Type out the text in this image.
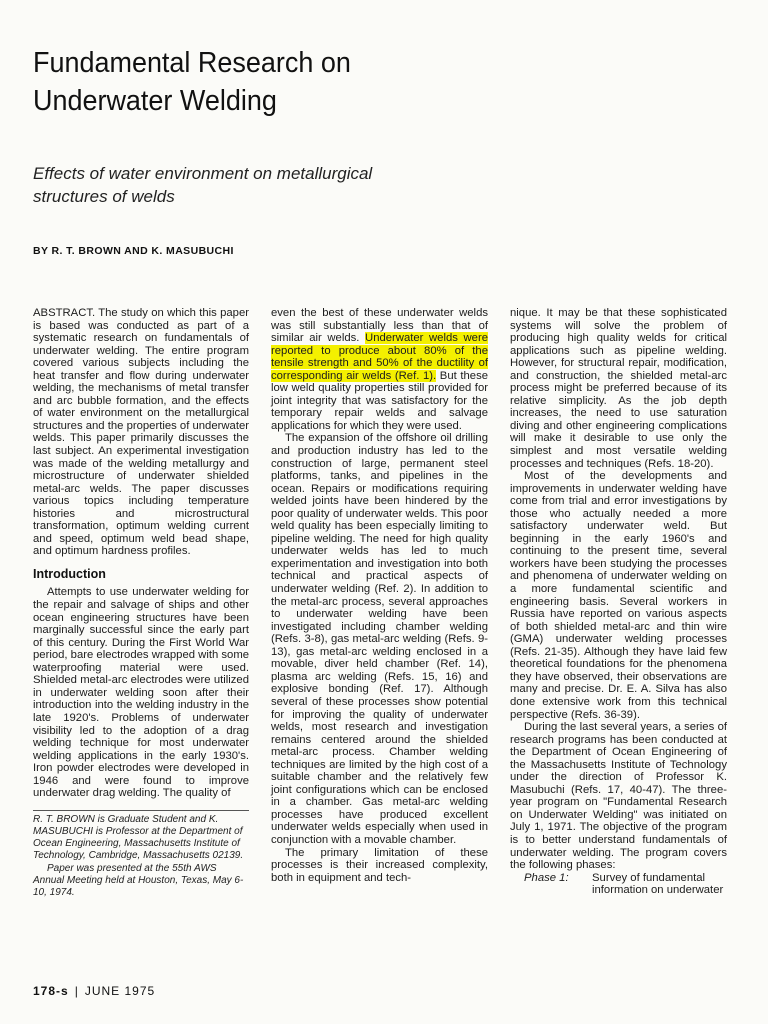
Fundamental Research on
Underwater Welding
Effects of water environment on metallurgical
structures of welds
BY R. T. BROWN AND K. MASUBUCHI

ABSTRACT. The study on which this paper is based was conducted as part of a systematic research on fundamentals of underwater welding. The entire program covered various subjects including the heat transfer and flow during underwater welding, the mechanisms of metal transfer and arc bubble formation, and the effects of water environment on the metallurgical structures and the properties of underwater welds. This paper primarily discusses the last subject. An experimental investigation was made of the welding metallurgy and microstructure of underwater shielded metal-arc welds. The paper discusses various topics including temperature histories and microstructural transformation, optimum welding current and speed, optimum weld bead shape, and optimum hardness profiles.

Introduction

Attempts to use underwater welding for the repair and salvage of ships and other ocean engineering structures have been marginally successful since the early part of this century. During the First World War period, bare electrodes wrapped with some waterproofing material were used. Shielded metal-arc electrodes were utilized in underwater welding soon after their introduction into the welding industry in the late 1920's. Problems of underwater visibility led to the adoption of a drag welding technique for most underwater welding applications in the early 1930's. Iron powder electrodes were developed in 1946 and were found to improve underwater drag welding. The quality of

R. T. BROWN is Graduate Student and K. MASUBUCHI is Professor at the Department of Ocean Engineering, Massachusetts Institute of Technology, Cambridge, Massachusetts 02139.

Paper was presented at the 55th AWS Annual Meeting held at Houston, Texas, May 6-10, 1974.

even the best of these underwater welds was still substantially less than that of similar air welds. Underwater welds were reported to produce about 80% of the tensile strength and 50% of the ductility of corresponding air welds (Ref. 1). But these low weld quality properties still provided for joint integrity that was satisfactory for the temporary repair welds and salvage applications for which they were used.

The expansion of the offshore oil drilling and production industry has led to the construction of large, permanent steel platforms, tanks, and pipelines in the ocean. Repairs or modifications requiring welded joints have been hindered by the poor quality of underwater welds. This poor weld quality has been especially limiting to pipeline welding. The need for high quality underwater welds has led to much experimentation and investigation into both technical and practical aspects of underwater welding (Ref. 2). In addition to the metal-arc process, several approaches to underwater welding have been investigated including chamber welding (Refs. 3-8), gas metal-arc welding (Refs. 9-13), gas metal-arc welding enclosed in a movable, diver held chamber (Ref. 14), plasma arc welding (Refs. 15, 16) and explosive bonding (Ref. 17). Although several of these processes show potential for improving the quality of underwater welds, most research and investigation remains centered around the shielded metal-arc process. Chamber welding techniques are limited by the high cost of a suitable chamber and the relatively few joint configurations which can be enclosed in a chamber. Gas metal-arc welding processes have produced excellent underwater welds especially when used in conjunction with a movable chamber.

The primary limitation of these processes is their increased complexity, both in equipment and tech-

nique. It may be that these sophisticated systems will solve the problem of producing high quality welds for critical applications such as pipeline welding. However, for structural repair, modification, and construction, the shielded metal-arc process might be preferred because of its relative simplicity. As the job depth increases, the need to use saturation diving and other engineering complications will make it desirable to use only the simplest and most versatile welding processes and techniques (Refs. 18-20).

Most of the developments and improvements in underwater welding have come from trial and error investigations by those who actually needed a more satisfactory underwater weld. But beginning in the early 1960's and continuing to the present time, several workers have been studying the processes and phenomena of underwater welding on a more fundamental scientific and engineering basis. Several workers in Russia have reported on various aspects of both shielded metal-arc and thin wire (GMA) underwater welding processes (Refs. 21-35). Although they have laid few theoretical foundations for the phenomena they have observed, their observations are many and precise. Dr. E. A. Silva has also done extensive work from this technical perspective (Refs. 36-39).

During the last several years, a series of research programs has been conducted at the Department of Ocean Engineering of the Massachusetts Institute of Technology under the direction of Professor K. Masubuchi (Refs. 17, 40-47). The three-year program on "Fundamental Research on Underwater Welding" was initiated on July 1, 1971. The objective of the program is to better understand fundamentals of underwater welding. The program covers the following phases:

Phase 1:	Survey of fundamental information on underwater

178-s | JUNE 1975
